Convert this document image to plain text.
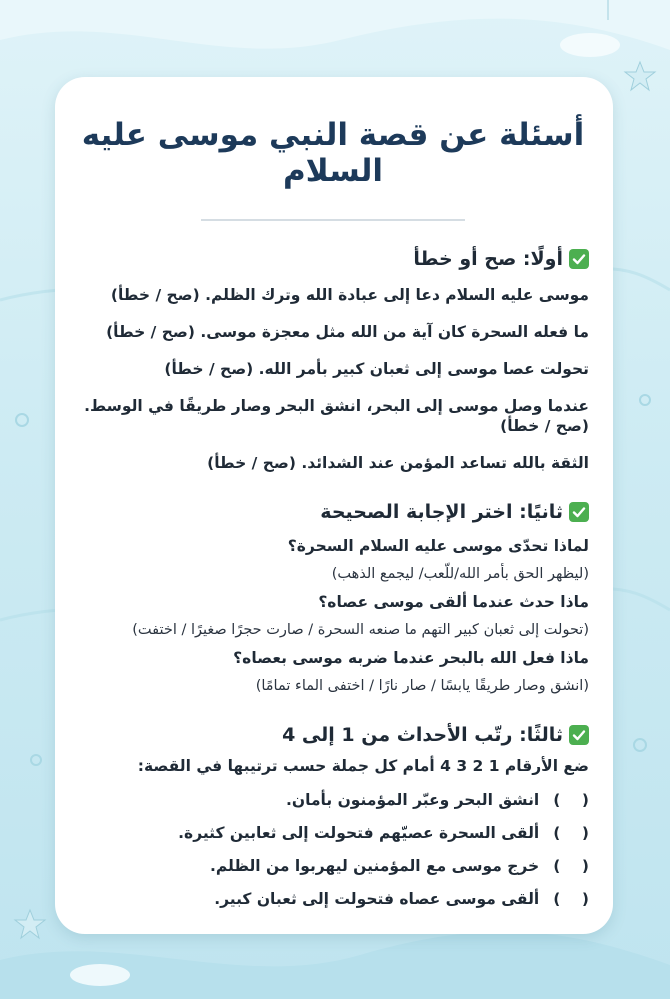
أسئلة عن قصة النبي موسى عليه السلام
أولًا: صح أو خطأ
موسى عليه السلام دعا إلى عبادة الله وترك الظلم. (صح / خطأ)
ما فعله السحرة كان آية من الله مثل معجزة موسى. (صح / خطأ)
تحولت عصا موسى إلى ثعبان كبير بأمر الله. (صح / خطأ)
عندما وصل موسى إلى البحر، انشق البحر وصار طريقًا في الوسط. (صح / خطأ)
الثقة بالله تساعد المؤمن عند الشدائد. (صح / خطأ)
ثانيًا: اختر الإجابة الصحيحة
لماذا تحدّى موسى عليه السلام السحرة؟
(ليظهر الحق بأمر الله/للّعب/ ليجمع الذهب)
ماذا حدث عندما ألقى موسى عصاه؟
(تحولت إلى ثعبان كبير التهم ما صنعه السحرة / صارت حجرًا صغيرًا / اختفت)
ماذا فعل الله بالبحر عندما ضربه موسى بعصاه؟
(انشق وصار طريقًا يابسًا / صار نارًا / اختفى الماء تمامًا)
ثالثًا: رتّب الأحداث من 1 إلى 4
ضع الأرقام 1 2 3 4 أمام كل جملة حسب ترتيبها في القصة:
(    )
انشق البحر وعبّر المؤمنون بأمان.
(    )
ألقى السحرة عصيّهم فتحولت إلى ثعابين كثيرة.
(    )
خرج موسى مع المؤمنين ليهربوا من الظلم.
(    )
ألقى موسى عصاه فتحولت إلى ثعبان كبير.
